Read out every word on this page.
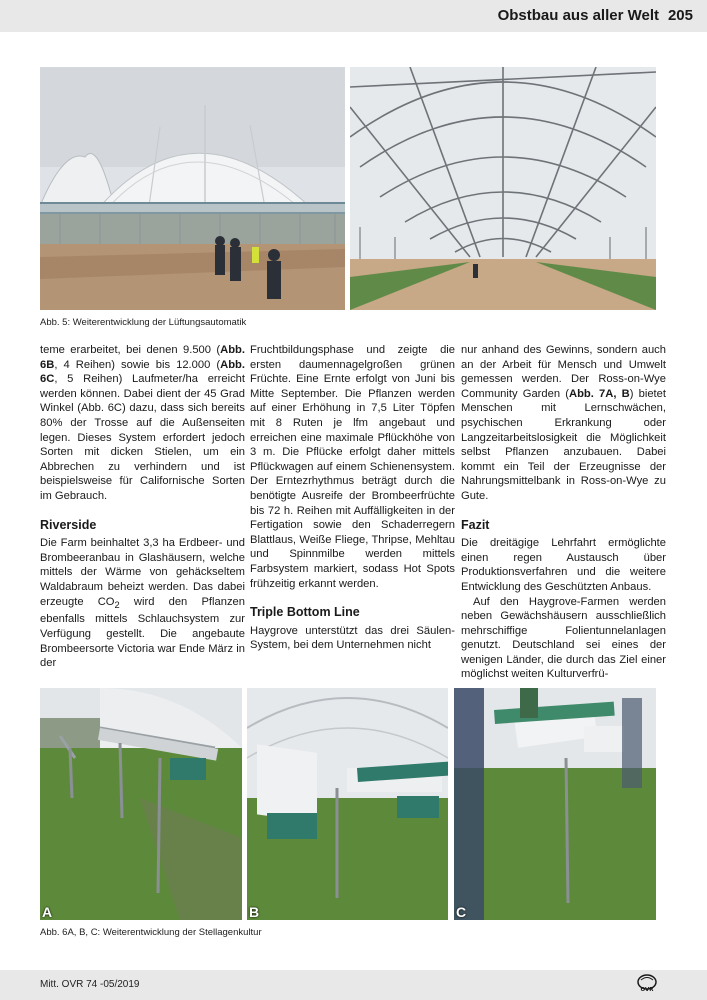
Obstbau aus aller Welt 205
Abb. 5: Weiterentwicklung der Lüftungsautomatik

teme erarbeitet, bei denen 9.500 (Abb. 6B, 4 Reihen) sowie bis 12.000 (Abb. 6C, 5 Reihen) Laufmeter/ha erreicht werden können. Dabei dient der 45 Grad Winkel (Abb. 6C) dazu, dass sich bereits 80% der Trosse auf die Außenseiten legen. Dieses System erfordert jedoch Sorten mit dicken Stielen, um ein Abbrechen zu verhindern und ist beispielsweise für Californische Sorten im Gebrauch.

Riverside

Die Farm beinhaltet 3,3 ha Erdbeer- und Brombeeranbau in Glashäusern, welche mittels der Wärme von gehäckseltem Waldabraum beheizt werden. Das dabei erzeugte $CO_2$ wird den Pflanzen ebenfalls mittels Schlauchsystem zur Verfügung gestellt. Die angebaute Brombeersorte Victoria war Ende März in der

Fruchtbildungsphase und zeigte die ersten daumennagelgroßen grünen Früchte. Eine Ernte erfolgt von Juni bis Mitte September. Die Pflanzen werden auf einer Erhöhung in 7,5 Liter Töpfen mit 8 Ruten je lfm angebaut und erreichen eine maximale Pflückhöhe von 3 m. Die Pflücke erfolgt daher mittels Pflückwagen auf einem Schienensystem. Der Erntezrhythmus beträgt durch die benötigte Ausreife der Brombeerfrüchte bis 72 h. Reihen mit Auffälligkeiten in der Fertigation sowie den Schaderregern Blattlaus, Weiße Fliege, Thripse, Mehltau und Spinnmilbe werden mittels Farbsystem markiert, sodass Hot Spots frühzeitig erkannt werden.

Triple Bottom Line

Haygrove unterstützt das drei Säulen-System, bei dem Unternehmen nicht

nur anhand des Gewinns, sondern auch an der Arbeit für Mensch und Umwelt gemessen werden. Der Ross-on-Wye Community Garden (Abb. 7A, B) bietet Menschen mit Lernschwächen, psychischen Erkrankung oder Langzeitarbeitslosigkeit die Möglichkeit selbst Pflanzen anzubauen. Dabei kommt ein Teil der Erzeugnisse der Nahrungsmittelbank in Ross-on-Wye zu Gute.

Fazit

Die dreitägige Lehrfahrt ermöglichte einen regen Austausch über Produktionsverfahren und die weitere Entwicklung des Geschützten Anbaus.

Auf den Haygrove-Farmen werden neben Gewächshäusern ausschließlich mehrschiffige Folientunnelanlagen genutzt. Deutschland sei eines der wenigen Länder, die durch das Ziel einer möglichst weiten Kulturverfrü-

A	B	C
Abb. 6A, B, C: Weiterentwicklung der Stellagenkultur
Mitt. OVR 74 -05/2019	OVR
